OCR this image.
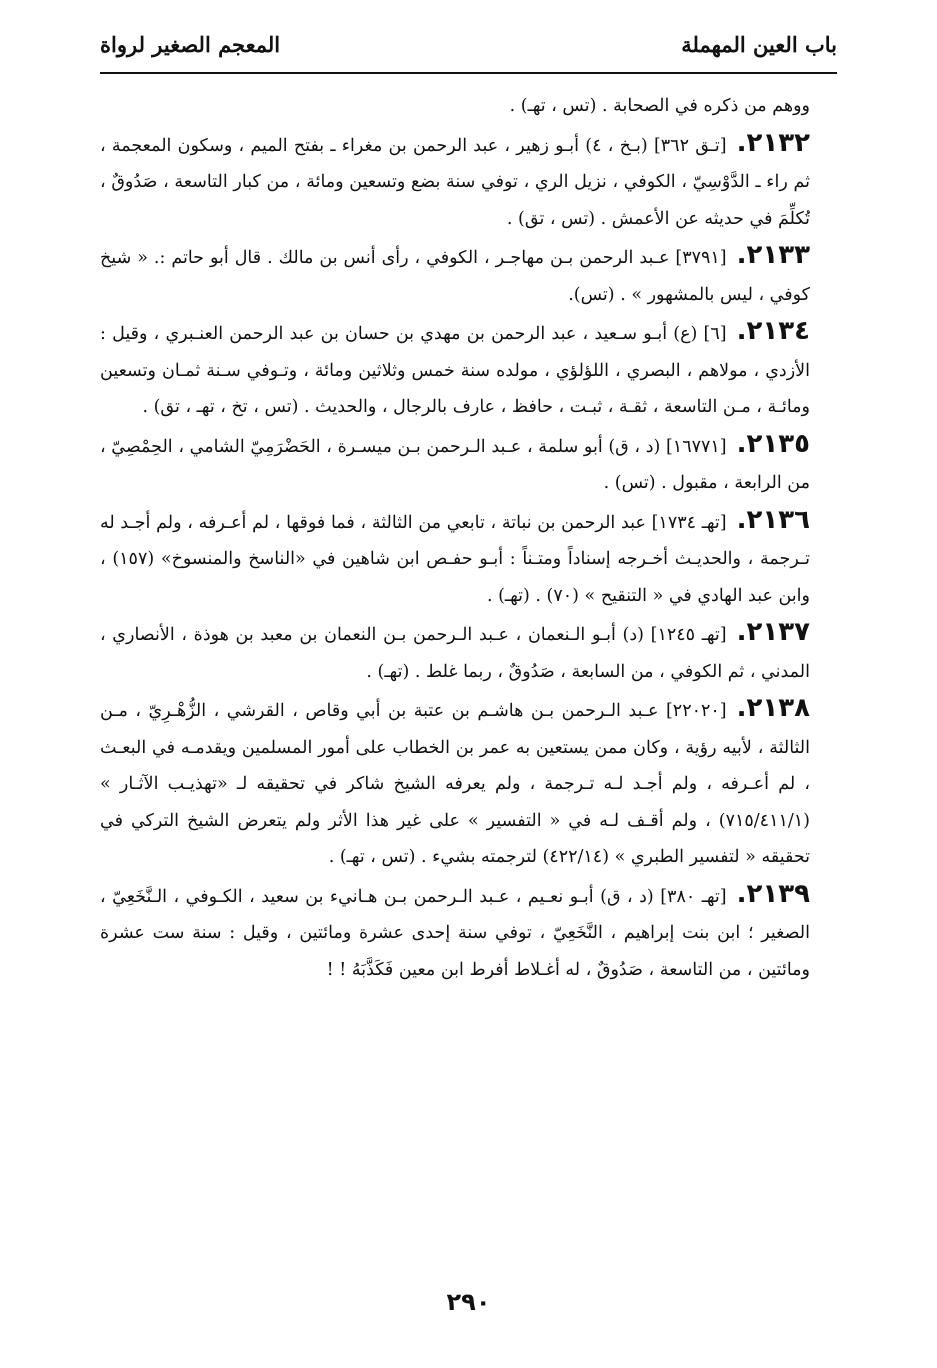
باب العين المهملة
المعجم الصغير لرواة

ووهم من ذكره في الصحابة . (تس ، تهـ) .

٢١٣٢.[تـق ٣٦٢] (بـخ ، ٤) أبـو زهير ، عبد الرحمن بن مغراء ـ بفتح الميم ، وسكون المعجمة ، ثم راء ـ الدَّوْسِيّ ، الكوفي ، نزيل الري ، توفي سنة بضع وتسعين ومائة ، من كبار التاسعة ، صَدُوقٌ ، تُكلِّمَ في حديثه عن الأعمش . (تس ، تق) .

٢١٣٣.[٣٧٩١] عـبد الرحمن بـن مهاجـر ، الكوفي ، رأى أنس بن مالك . قال أبو حاتم :. « شيخ كوفي ، ليس بالمشهور » . (تس).

٢١٣٤.[٦] (ع) أبـو سـعيد ، عبد الرحمن بن مهدي بن حسان بن عبد الرحمن العنـبري ، وقيل : الأزدي ، مولاهم ، البصري ، اللؤلؤي ، مولده سنة خمس وثلاثين ومائة ، وتـوفي سـنة ثمـان وتسعين ومائـة ، مـن التاسعة ، ثقـة ، ثبـت ، حافظ ، عارف بالرجال ، والحديث . (تس ، تخ ، تهـ ، تق) .

٢١٣٥.[١٦٧٧١] (د ، ق) أبو سلمة ، عـبد الـرحمن بـن ميسـرة ، الحَضْرَمِيّ الشامي ، الحِمْصِيّ ، من الرابعة ، مقبول . (تس) .

٢١٣٦.[تهـ ١٧٣٤] عبد الرحمن بن نباتة ، تابعي من الثالثة ، فما فوقها ، لم أعـرفه ، ولم أجـد له تـرجمة ، والحديـث أخـرجه إسناداً ومتـناً : أبـو حفـص ابن شاهين في «الناسخ والمنسوخ» (١٥٧) ، وابن عبد الهادي في « التنقيح » (٧٠) . (تهـ) .

٢١٣٧.[تهـ ١٢٤٥] (د) أبـو الـنعمان ، عـبد الـرحمن بـن النعمان بن معبد بن هوذة ، الأنصاري ، المدني ، ثم الكوفي ، من السابعة ، صَدُوقٌ ، ربما غلط . (تهـ) .

٢١٣٨.[٢٢٠٢٠] عـبد الـرحمن بـن هاشـم بن عتبة بن أبي وقاص ، القرشي ، الزُّهْـرِيّ ، مـن الثالثة ، لأبيه رؤية ، وكان ممن يستعين به عمر بن الخطاب على أمور المسلمين ويقدمـه في البعـث ، لم أعـرفه ، ولم أجـد لـه تـرجمة ، ولم يعرفه الشيخ شاكر في تحقيقه لـ «تهذيـب الآثـار » (٧١٥/٤١١/١) ، ولم أقـف لـه في « التفسير » على غير هذا الأثر ولم يتعرض الشيخ التركي في تحقيقه « لتفسير الطبري » (٤٢٢/١٤) لترجمته بشيء . (تس ، تهـ) .

٢١٣٩.[تهـ ٣٨٠] (د ، ق) أبـو نعـيم ، عـبد الـرحمن بـن هـانيء بن سعيد ، الكـوفي ، الـنَّخَعِيّ ، الصغير ؛ ابن بنت إبراهيم ، النَّخَعِيّ ، توفي سنة إحدى عشرة ومائتين ، وقيل : سنة ست عشرة ومائتين ، من التاسعة ، صَدُوقٌ ، له أغـلاط أفرط ابن معين فَكَذَّبَهُ ! !

٢٩٠
